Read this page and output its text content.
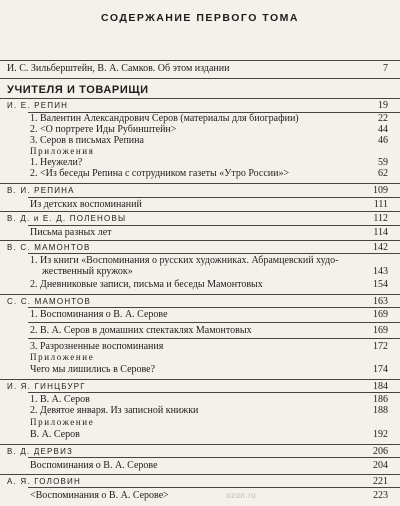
СОДЕРЖАНИЕ ПЕРВОГО ТОМА
И. С. Зильберштейн, В. А. Самков. Об этом издании	7
УЧИТЕЛЯ И ТОВАРИЩИ
И. Е. РЕПИН	19
1. Валентин Александрович Серов (материалы для биографии)	22
2. <О портрете Иды Рубинштейн>	44
3. Серов в письмах Репина	46
Приложения
1. Неужели?	59
2. <Из беседы Репина с сотрудником газеты «Утро России»>	62
В. И. РЕПИНА	109
Из детских воспоминаний	111
В. Д. и Е. Д. ПОЛЕНОВЫ	112
Письма разных лет	114
В. С. МАМОНТОВ	142
1. Из книги «Воспоминания о русских художниках. Абрамцевский худо-
жественный кружок»	143
2. Дневниковые записи, письма и беседы Мамонтовых	154
С. С. МАМОНТОВ	163
1. Воспоминания о В. А. Серове	169
2. В. А. Серов в домашних спектаклях Мамонтовых	169
3. Разрозненные воспоминания	172
Приложение
Чего мы лишились в Серове?	174
И. Я. ГИНЦБУРГ	184
1. В. А. Серов	186
2. Девятое января. Из записной книжки	188
Приложение
В. А. Серов	192
В. Д. ДЕРВИЗ	206
Воспоминания о В. А. Серове	204
А. Я. ГОЛОВИН	221
<Воспоминания о В. А. Серове>	223
ozon.ru
